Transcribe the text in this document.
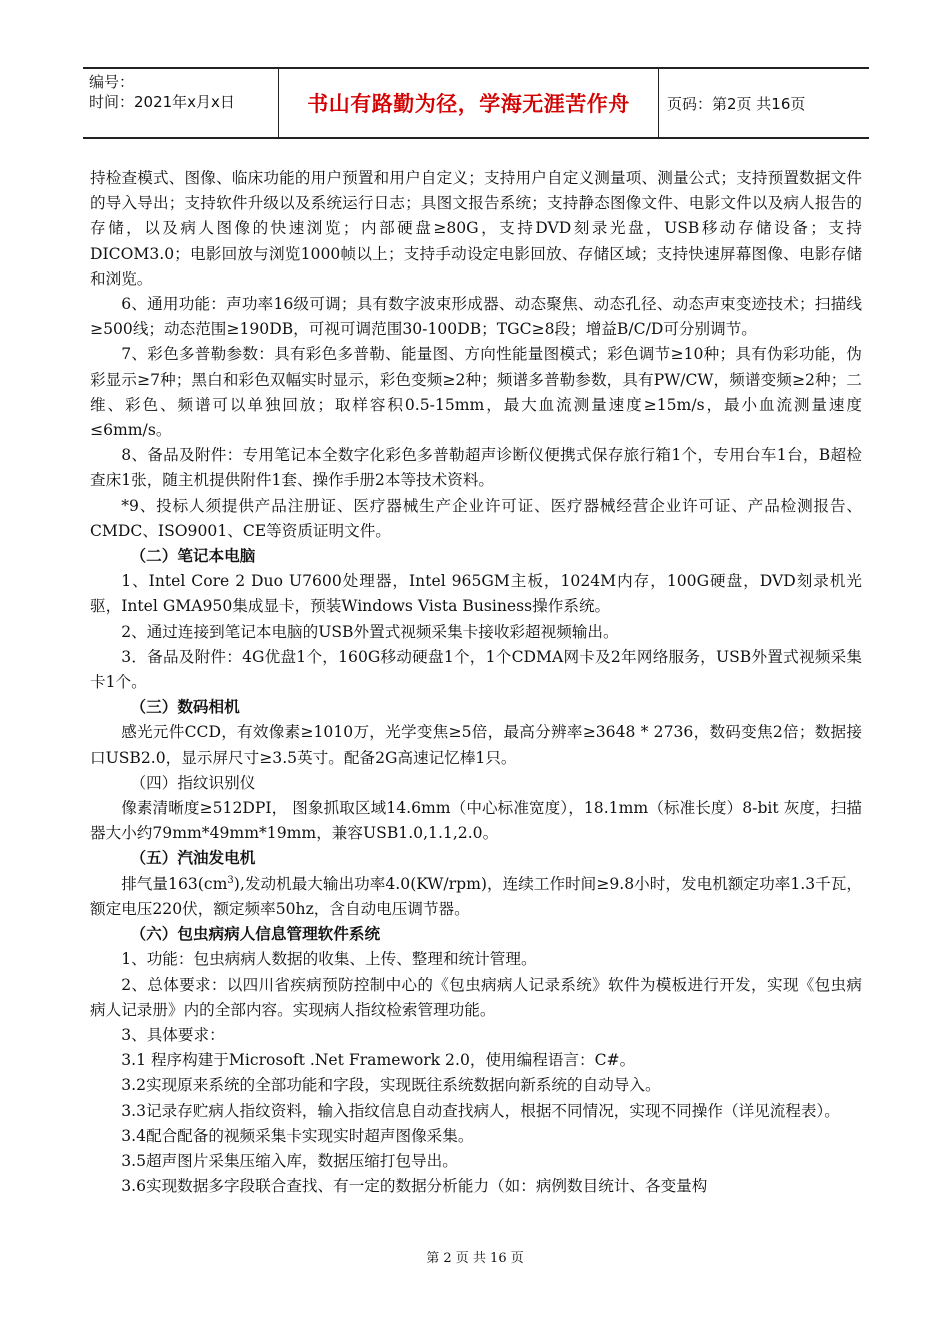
编号：
时间：2021年x月x日	书山有路勤为径，学海无涯苦作舟	页码：第2页 共16页

持检查模式、图像、临床功能的用户预置和用户自定义；支持用户自定义测量项、测量公式；支持预置数据文件的导入导出；支持软件升级以及系统运行日志；具图文报告系统；支持静态图像文件、电影文件以及病人报告的存储，以及病人图像的快速浏览；内部硬盘≥80G，支持DVD刻录光盘，USB移动存储设备；支持DICOM3.0；电影回放与浏览1000帧以上；支持手动设定电影回放、存储区域；支持快速屏幕图像、电影存储和浏览。

6、通用功能：声功率16级可调；具有数字波束形成器、动态聚焦、动态孔径、动态声束变迹技术；扫描线≥500线；动态范围≥190DB，可视可调范围30-100DB；TGC≥8段；增益B/C/D可分别调节。

7、彩色多普勒参数：具有彩色多普勒、能量图、方向性能量图模式；彩色调节≥10种；具有伪彩功能，伪彩显示≥7种；黑白和彩色双幅实时显示，彩色变频≥2种；频谱多普勒参数，具有PW/CW，频谱变频≥2种；二维、彩色、频谱可以单独回放；取样容积0.5-15mm，最大血流测量速度≥15m/s，最小血流测量速度≤6mm/s。

8、备品及附件：专用笔记本全数字化彩色多普勒超声诊断仪便携式保存旅行箱1个，专用台车1台，B超检查床1张，随主机提供附件1套、操作手册2本等技术资料。

*9、投标人须提供产品注册证、医疗器械生产企业许可证、医疗器械经营企业许可证、产品检测报告、CMDC、ISO9001、CE等资质证明文件。

（二）笔记本电脑

1、Intel Core 2 Duo U7600处理器，Intel 965GM主板，1024M内存，100G硬盘，DVD刻录机光驱，Intel GMA950集成显卡，预装Windows Vista Business操作系统。

2、通过连接到笔记本电脑的USB外置式视频采集卡接收彩超视频输出。

3．备品及附件：4G优盘1个，160G移动硬盘1个，1个CDMA网卡及2年网络服务，USB外置式视频采集卡1个。

（三）数码相机

感光元件CCD，有效像素≥1010万，光学变焦≥5倍，最高分辨率≥3648 * 2736，数码变焦2倍；数据接口USB2.0，显示屏尺寸≥3.5英寸。配备2G高速记忆棒1只。

（四）指纹识别仪

像素清晰度≥512DPI， 图象抓取区域14.6mm（中心标准宽度），18.1mm（标准长度）8-bit 灰度，扫描器大小约79mm*49mm*19mm，兼容USB1.0,1.1,2.0。

（五）汽油发电机

排气量$163(cm^3)$,发动机最大输出功率4.0(KW/rpm)，连续工作时间≥9.8小时，发电机额定功率1.3千瓦，额定电压220伏，额定频率50hz，含自动电压调节器。

（六）包虫病病人信息管理软件系统

1、功能：包虫病病人数据的收集、上传、整理和统计管理。

2、总体要求：以四川省疾病预防控制中心的《包虫病病人记录系统》软件为模板进行开发，实现《包虫病病人记录册》内的全部内容。实现病人指纹检索管理功能。

3、具体要求：

3.1 程序构建于Microsoft .Net Framework 2.0，使用编程语言：C#。

3.2实现原来系统的全部功能和字段，实现既往系统数据向新系统的自动导入。

3.3记录存贮病人指纹资料，输入指纹信息自动查找病人，根据不同情况，实现不同操作（详见流程表）。

3.4配合配备的视频采集卡实现实时超声图像采集。

3.5超声图片采集压缩入库，数据压缩打包导出。

3.6实现数据多字段联合查找、有一定的数据分析能力（如：病例数目统计、各变量构

第 2 页 共 16 页
